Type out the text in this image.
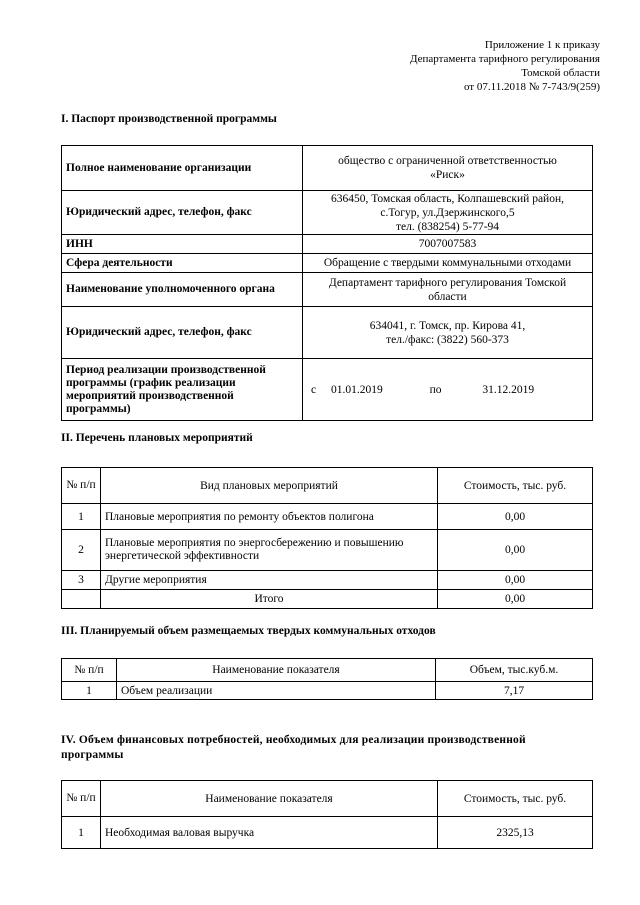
Приложение 1 к приказу
Департамента тарифного регулирования
Томской области
от 07.11.2018 № 7-743/9(259)
I. Паспорт производственной программы
Полное наименование организации	общество с ограниченной ответственностью
«Риск»

Юридический адрес, телефон, факс	636450, Томская область, Колпашевский район,
с.Тогур, ул.Дзержинского,5
тел. (838254) 5-77-94

ИНН	7007007583

Сфера деятельности	Обращение с твердыми коммунальными отходами

Наименование уполномоченного органа	Департамент тарифного регулирования Томской
области

Юридический адрес, телефон, факс	634041, г. Томск, пр. Кирова 41,
тел./факс: (3822) 560-373

Период реализации производственной программы (график реализации мероприятий производственной программы)	с 01.01.2019 по 31.12.2019
II. Перечень плановых мероприятий
№ п/п	Вид плановых мероприятий	Стоимость, тыс. руб.
1	Плановые мероприятия по ремонту объектов полигона	0,00
2	Плановые мероприятия по энергосбережению и повышению энергетической эффективности	0,00
3	Другие мероприятия	0,00
	Итого	0,00
III. Планируемый объем размещаемых твердых коммунальных отходов
№ п/п	Наименование показателя	Объем, тыс.куб.м.
1	Объем реализации	7,17
IV. Объем финансовых потребностей, необходимых для реализации производственной программы
№ п/п	Наименование показателя	Стоимость, тыс. руб.
1	Необходимая валовая выручка	2325,13
